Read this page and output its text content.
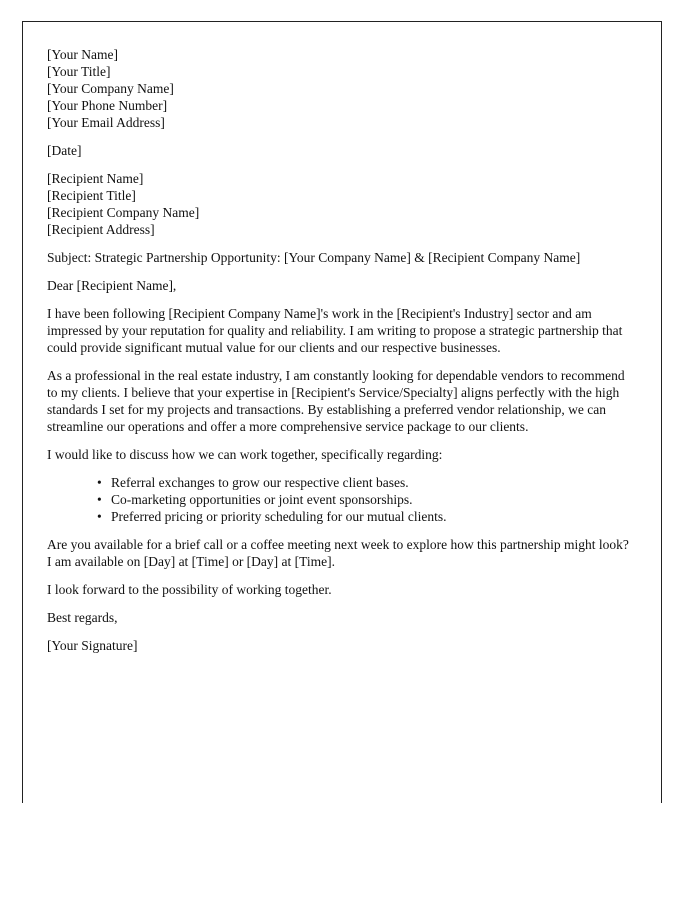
[Your Name]
[Your Title]
[Your Company Name]
[Your Phone Number]
[Your Email Address]
[Date]
[Recipient Name]
[Recipient Title]
[Recipient Company Name]
[Recipient Address]
Subject: Strategic Partnership Opportunity: [Your Company Name] & [Recipient Company Name]
Dear [Recipient Name],
I have been following [Recipient Company Name]'s work in the [Recipient's Industry] sector and am impressed by your reputation for quality and reliability. I am writing to propose a strategic partnership that could provide significant mutual value for our clients and our respective businesses.
As a professional in the real estate industry, I am constantly looking for dependable vendors to recommend to my clients. I believe that your expertise in [Recipient's Service/Specialty] aligns perfectly with the high standards I set for my projects and transactions. By establishing a preferred vendor relationship, we can streamline our operations and offer a more comprehensive service package to our clients.
I would like to discuss how we can work together, specifically regarding:
• Referral exchanges to grow our respective client bases.
• Co-marketing opportunities or joint event sponsorships.
• Preferred pricing or priority scheduling for our mutual clients.
Are you available for a brief call or a coffee meeting next week to explore how this partnership might look? I am available on [Day] at [Time] or [Day] at [Time].
I look forward to the possibility of working together.
Best regards,
[Your Signature]
